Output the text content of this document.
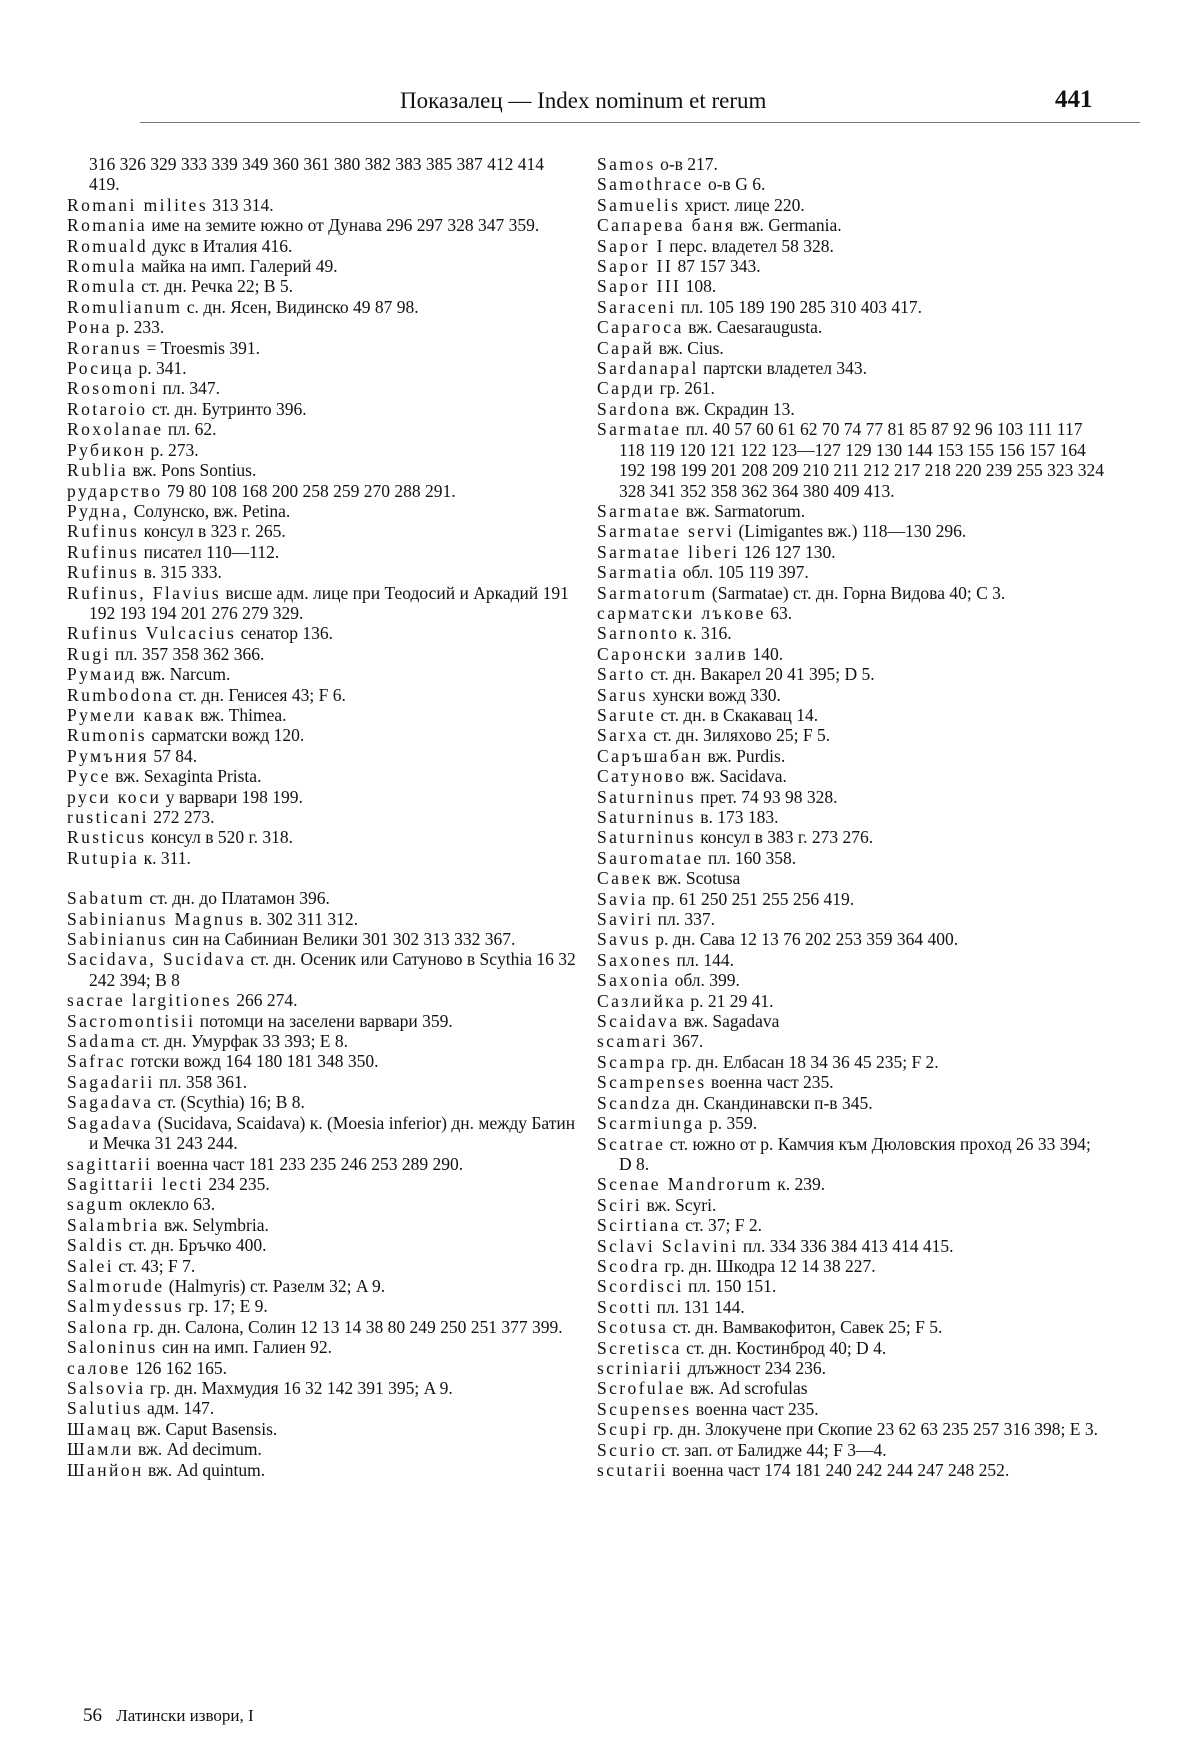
Показалец — Index nominum et rerum	441
316 326 329 333 339 349 360 361 380 382 383 385 387 412 414 419.
Romani milites 313 314.
Romania име на земите южно от Дунава 296 297 328 347 359.
Romuald дукс в Италия 416.
Romula майка на имп. Галерий 49.
Romula ст. дн. Речка 22; B 5.
Romulianum с. дн. Ясен, Видинско 49 87 98.
Рона р. 233.
Roranus = Troesmis 391.
Росица р. 341.
Rosomoni пл. 347.
Rotaroio ст. дн. Бутринто 396.
Roxolanae пл. 62.
Рубикон р. 273.
Rublia вж. Pons Sontius.
рударство 79 80 108 168 200 258 259 270 288 291.
Рудна, Солунско, вж. Petina.
Rufinus консул в 323 г. 265.
Rufinus писател 110—112.
Rufinus в. 315 333.
Rufinus, Flavius висше адм. лице при Теодосий и Аркадий 191 192 193 194 201 276 279 329.
Rufinus Vulcacius сенатор 136.
Rugi пл. 357 358 362 366.
Румаид вж. Narcum.
Rumbodona ст. дн. Генисея 43; F 6.
Румели кавак вж. Thimea.
Rumonis сарматски вожд 120.
Румъния 57 84.
Русе вж. Sexaginta Prista.
руси коси у варвари 198 199.
rusticani 272 273.
Rusticus консул в 520 г. 318.
Rutupia к. 311.
Sabatum ст. дн. до Платамон 396.
Sabinianus Magnus в. 302 311 312.
Sabinianus син на Сабиниан Велики 301 302 313 332 367.
Sacidava, Sucidava ст. дн. Осеник или Сатуново в Scythia 16 32 242 394; B 8
sacrae largitiones 266 274.
Sacromontisii потомци на заселени варвари 359.
Sadama ст. дн. Умурфак 33 393; E 8.
Safrac готски вожд 164 180 181 348 350.
Sagadarii пл. 358 361.
Sagadava ст. (Scythia) 16; B 8.
Sagadava (Sucidava, Scaidava) к. (Moesia inferior) дн. между Батин и Мечка 31 243 244.
sagittarii военна част 181 233 235 246 253 289 290.
Sagittarii lecti 234 235.
sagum оклекло 63.
Salambria вж. Selymbria.
Saldis ст. дн. Бръчко 400.
Salei ст. 43; F 7.
Salmorude (Halmyris) ст. Разелм 32; A 9.
Salmydessus гр. 17; E 9.
Salona гр. дн. Салона, Солин 12 13 14 38 80 249 250 251 377 399.
Saloninus син на имп. Галиен 92.
салове 126 162 165.
Salsovia гр. дн. Махмудия 16 32 142 391 395; A 9.
Salutius адм. 147.
Шамац вж. Caput Basensis.
Шамли вж. Ad decimum.
Шанйон вж. Ad quintum.
Samos о-в 217.
Samothrace о-в G 6.
Samuelis христ. лице 220.
Сапарева баня вж. Germania.
Sapor I перс. владетел 58 328.
Sapor II 87 157 343.
Sapor III 108.
Saraceni пл. 105 189 190 285 310 403 417.
Сарагоса вж. Caesaraugusta.
Сарай вж. Cius.
Sardanapal партски владетел 343.
Сарди гр. 261.
Sardona вж. Скрадин 13.
Sarmatae пл. 40 57 60 61 62 70 74 77 81 85 87 92 96 103 111 117 118 119 120 121 122 123—127 129 130 144 153 155 156 157 164 192 198 199 201 208 209 210 211 212 217 218 220 239 255 323 324 328 341 352 358 362 364 380 409 413.
Sarmatae вж. Sarmatorum.
Sarmatae servi (Limigantes вж.) 118—130 296.
Sarmatae liberi 126 127 130.
Sarmatia обл. 105 119 397.
Sarmatorum (Sarmatae) ст. дн. Горна Видова 40; C 3.
сарматски лъкове 63.
Sarnonto к. 316.
Саронски залив 140.
Sarto ст. дн. Вакарел 20 41 395; D 5.
Sarus хунски вожд 330.
Sarute ст. дн. в Скакавац 14.
Sarxa ст. дн. Зиляхово 25; F 5.
Саръшабан вж. Purdis.
Сатуново вж. Sacidava.
Saturninus прет. 74 93 98 328.
Saturninus в. 173 183.
Saturninus консул в 383 г. 273 276.
Sauromatae пл. 160 358.
Савек вж. Scotusa
Savia пр. 61 250 251 255 256 419.
Saviri пл. 337.
Savus р. дн. Сава 12 13 76 202 253 359 364 400.
Saxones пл. 144.
Saxonia обл. 399.
Сазлийка р. 21 29 41.
Scaidava вж. Sagadava
scamari 367.
Scampa гр. дн. Елбасан 18 34 36 45 235; F 2.
Scampenses военна част 235.
Scandza дн. Скандинавски п-в 345.
Scarmiunga р. 359.
Scatrae ст. южно от р. Камчия към Дюловския проход 26 33 394; D 8.
Scenae Mandrorum к. 239.
Sciri вж. Scyri.
Scirtiana ст. 37; F 2.
Sclavi Sclavini пл. 334 336 384 413 414 415.
Scodra гр. дн. Шкодра 12 14 38 227.
Scordisci пл. 150 151.
Scotti пл. 131 144.
Scotusa ст. дн. Вамвакофитон, Савек 25; F 5.
Scretisca ст. дн. Костинброд 40; D 4.
scriniarii длъжност 234 236.
Scrofulae вж. Ad scrofulas
Scupenses военна част 235.
Scupi гр. дн. Злокучене при Скопие 23 62 63 235 257 316 398; E 3.
Scurio ст. зап. от Балидже 44; F 3—4.
scutarii военна част 174 181 240 242 244 247 248 252.
56 Латински извори, I
